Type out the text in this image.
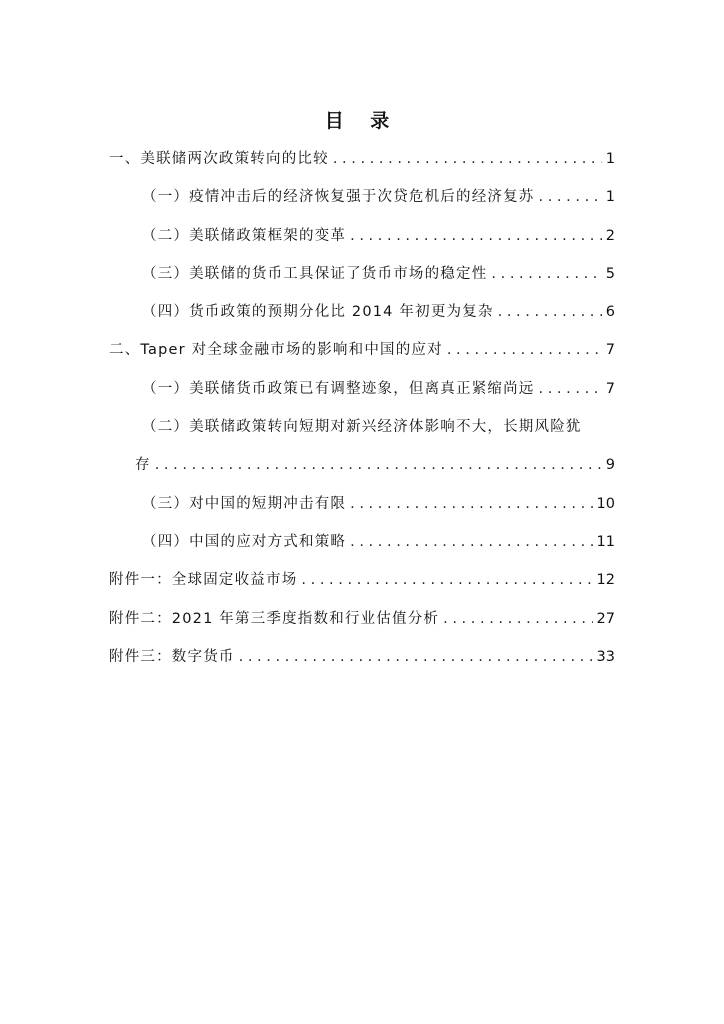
目 录
一、美联储两次政策转向的比较 . . .	1
（一）疫情冲击后的经济恢复强于次贷危机后的经济复苏 . . .	1
（二）美联储政策框架的变革 . . .	2
（三）美联储的货币工具保证了货币市场的稳定性 . . .	5
（四）货币政策的预期分化比 2014 年初更为复杂 . . .	6
二、Taper 对全球金融市场的影响和中国的应对 . . .	7
（一）美联储货币政策已有调整迹象，但离真正紧缩尚远 . . .	7
（二）美联储政策转向短期对新兴经济体影响不大，长期风险犹
存 . . .	9
（三）对中国的短期冲击有限 . . .	10
（四）中国的应对方式和策略 . . .	11
附件一：全球固定收益市场 . . .	12
附件二：2021 年第三季度指数和行业估值分析 . . .	27
附件三：数字货币 . . .	33
